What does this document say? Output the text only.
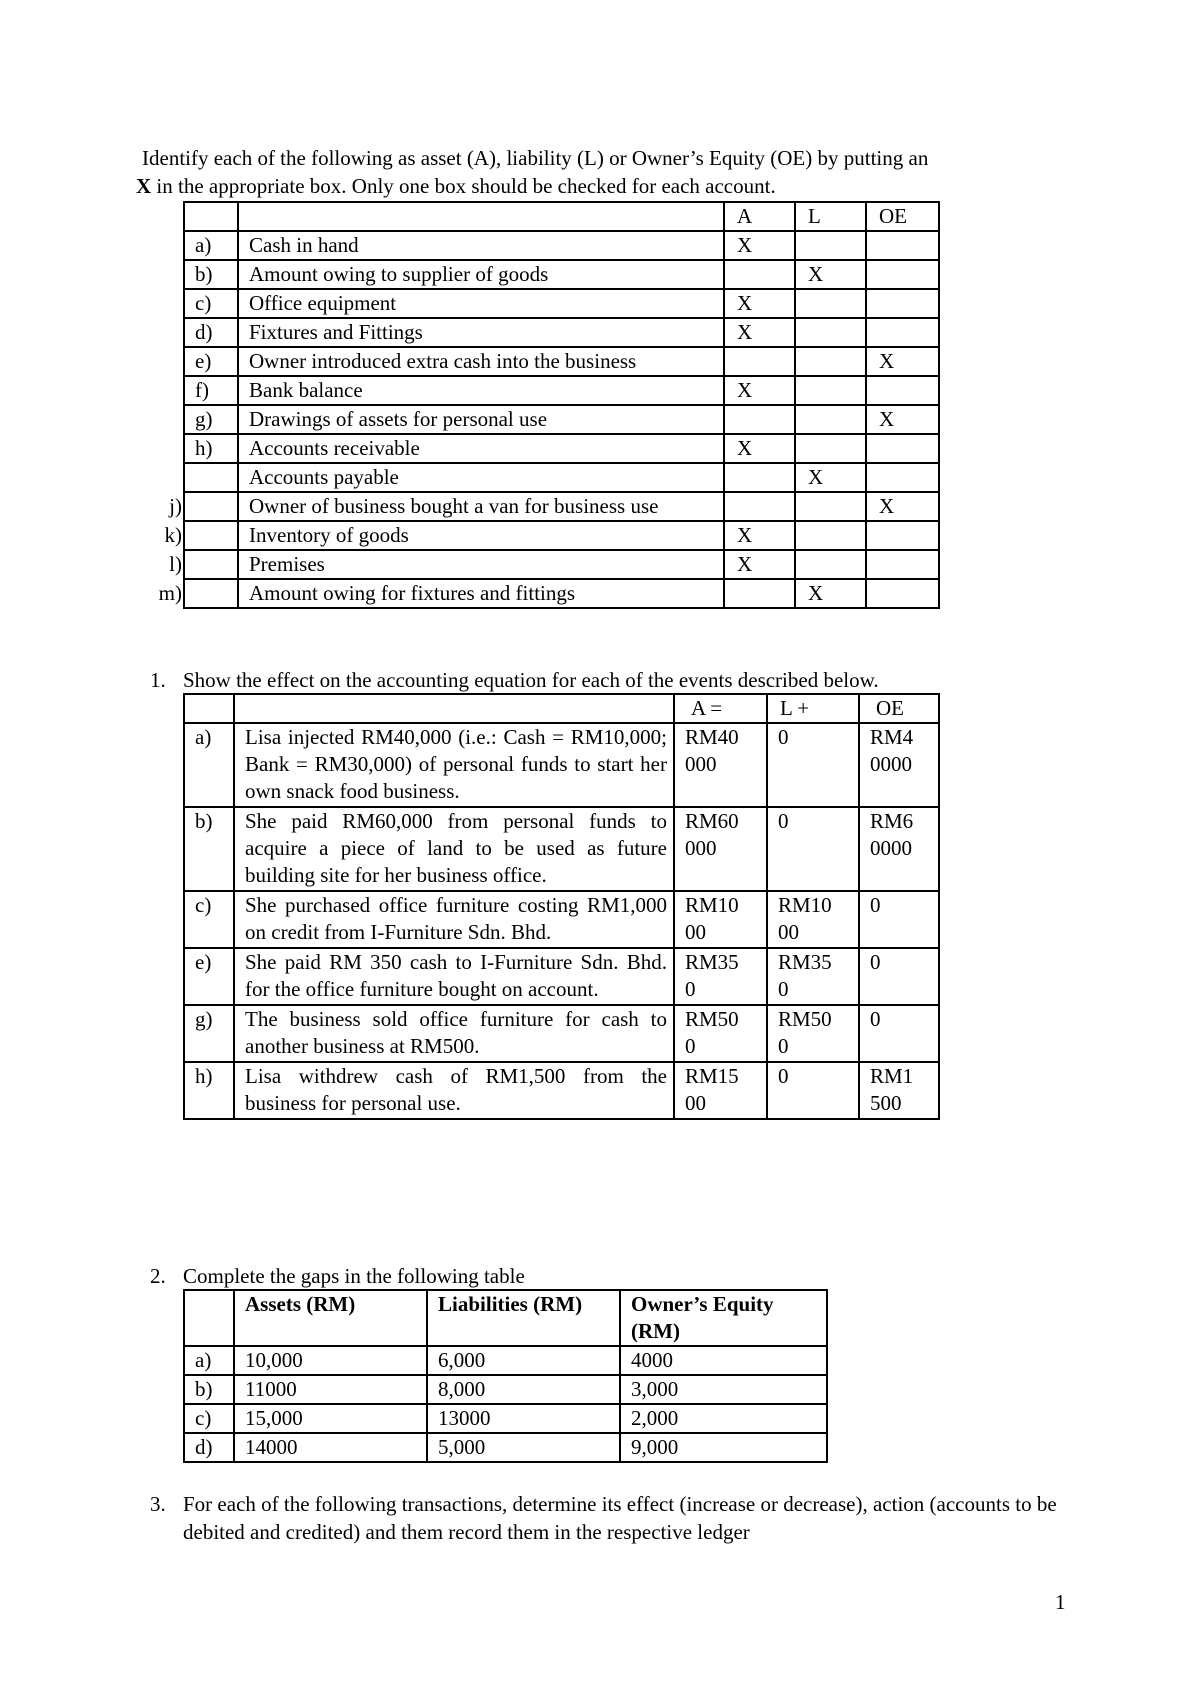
Identify each of the following as asset (A), liability (L) or Owner’s Equity (OE) by putting an
X in the appropriate box. Only one box should be checked for each account.
		A	L	OE
a)	Cash in hand	X		
b)	Amount owing to supplier of goods		X	
c)	Office equipment	X		
d)	Fixtures and Fittings	X		
e)	Owner introduced extra cash into the business			X
f)	Bank balance	X		
g)	Drawings of assets for personal use			X
h)	Accounts receivable	X		
	Accounts payable		X	

j)	Owner of business bought a van for business use			X

k)	Inventory of goods	X		

l)	Premises	X		

m)	Amount owing for fixtures and fittings		X	
1. Show the effect on the accounting equation for each of the events described below.
		A =	L +	OE
a)	Lisa injected RM40,000 (i.e.: Cash = RM10,000; Bank = RM30,000) of personal funds to start her own snack food business.	RM40 000	0	RM4 0000
b)	She paid RM60,000 from personal funds to acquire a piece of land to be used as future building site for her business office.	RM60 000	0	RM6 0000
c)	She purchased office furniture costing RM1,000 on credit from I-Furniture Sdn. Bhd.	RM10 00	RM10 00	0
e)	She paid RM 350 cash to I-Furniture Sdn. Bhd. for the office furniture bought on account.	RM35 0	RM35 0	0
g)	The business sold office furniture for cash to another business at RM500.	RM50 0	RM50 0	0
h)	Lisa withdrew cash of RM1,500 from the business for personal use.	RM15 00	0	RM1 500
2. Complete the gaps in the following table
	Assets (RM)	Liabilities (RM)	Owner’s Equity (RM)
a)	10,000	6,000	4000
b)	11000	8,000	3,000
c)	15,000	13000	2,000
d)	14000	5,000	9,000
3. For each of the following transactions, determine its effect (increase or decrease), action (accounts to be debited and credited) and them record them in the respective ledger
1
